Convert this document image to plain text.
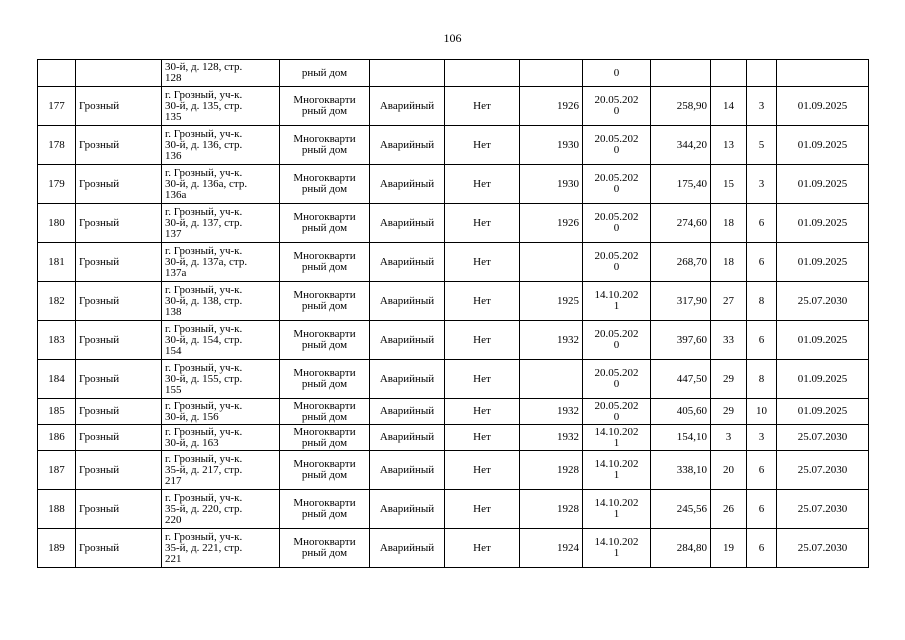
106

		30-й, д. 128, стр.
128	рный дом				0				

177	Грозный	г. Грозный, уч-к.
30-й, д. 135, стр.
135	Многокварти
рный дом	Аварийный	Нет	1926	20.05.202
0	258,90	14	3	01.09.2025
178	Грозный	г. Грозный, уч-к.
30-й, д. 136, стр.
136	Многокварти
рный дом	Аварийный	Нет	1930	20.05.202
0	344,20	13	5	01.09.2025
179	Грозный	г. Грозный, уч-к.
30-й, д. 136а, стр.
136а	Многокварти
рный дом	Аварийный	Нет	1930	20.05.202
0	175,40	15	3	01.09.2025
180	Грозный	г. Грозный, уч-к.
30-й, д. 137, стр.
137	Многокварти
рный дом	Аварийный	Нет	1926	20.05.202
0	274,60	18	6	01.09.2025
181	Грозный	г. Грозный, уч-к.
30-й, д. 137а, стр.
137а	Многокварти
рный дом	Аварийный	Нет		20.05.202
0	268,70	18	6	01.09.2025
182	Грозный	г. Грозный, уч-к.
30-й, д. 138, стр.
138	Многокварти
рный дом	Аварийный	Нет	1925	14.10.202
1	317,90	27	8	25.07.2030
183	Грозный	г. Грозный, уч-к.
30-й, д. 154, стр.
154	Многокварти
рный дом	Аварийный	Нет	1932	20.05.202
0	397,60	33	6	01.09.2025
184	Грозный	г. Грозный, уч-к.
30-й, д. 155, стр.
155	Многокварти
рный дом	Аварийный	Нет		20.05.202
0	447,50	29	8	01.09.2025
185	Грозный	г. Грозный, уч-к.
30-й, д. 156	Многокварти
рный дом	Аварийный	Нет	1932	20.05.202
0	405,60	29	10	01.09.2025
186	Грозный	г. Грозный, уч-к.
30-й, д. 163	Многокварти
рный дом	Аварийный	Нет	1932	14.10.202
1	154,10	3	3	25.07.2030
187	Грозный	г. Грозный, уч-к.
35-й, д. 217, стр.
217	Многокварти
рный дом	Аварийный	Нет	1928	14.10.202
1	338,10	20	6	25.07.2030
188	Грозный	г. Грозный, уч-к.
35-й, д. 220, стр.
220	Многокварти
рный дом	Аварийный	Нет	1928	14.10.202
1	245,56	26	6	25.07.2030
189	Грозный	г. Грозный, уч-к.
35-й, д. 221, стр.
221	Многокварти
рный дом	Аварийный	Нет	1924	14.10.202
1	284,80	19	6	25.07.2030
